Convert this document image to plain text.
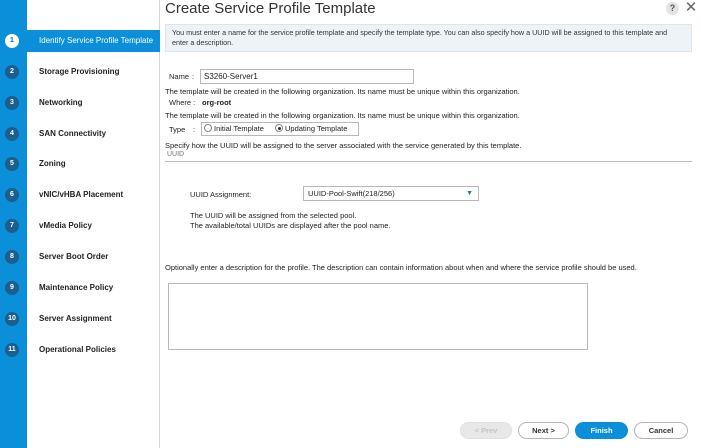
1	Identify Service Profile Template
2	Storage Provisioning
3	Networking
4	SAN Connectivity
5	Zoning
6	vNIC/vHBA Placement
7	vMedia Policy
8	Server Boot Order
9	Maintenance Policy
10	Server Assignment
11	Operational Policies
Create Service Profile Template	? ✕
You must enter a name for the service profile template and specify the template type. You can also specify how a UUID will be assigned to this template and enter a description.
Name :
S3260-Server1
The template will be created in the following organization. Its name must be unique within this organization.
Where : org-root
The template will be created in the following organization. Its name must be unique within this organization.
Type :	Initial Template	Updating Template
Specify how the UUID will be assigned to the server associated with the service generated by this template.
UUID
UUID Assignment:	UUID-Pool-Swift(218/256)	▼
The UUID will be assigned from the selected pool.
The available/total UUIDs are displayed after the pool name.
Optionally enter a description for the profile. The description can contain information about when and where the service profile should be used.
< Prev	Next >	Finish	Cancel
